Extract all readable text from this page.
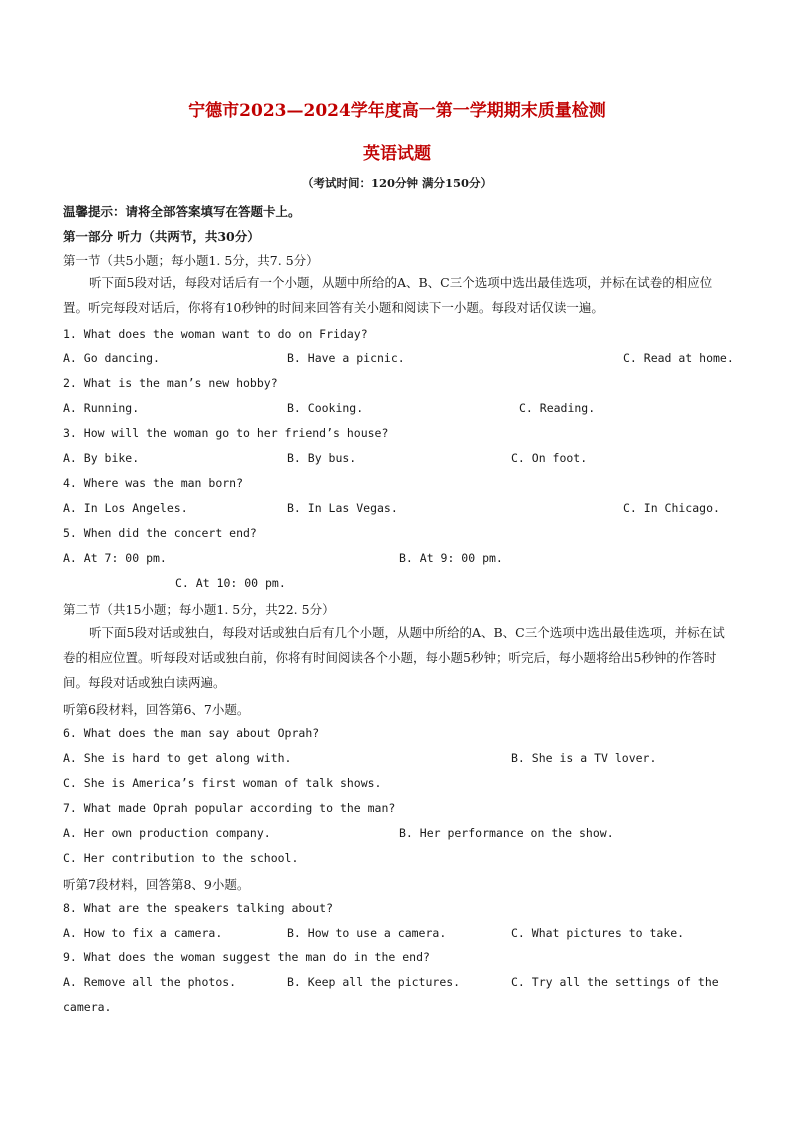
宁德市2023—2024学年度高一第一学期期末质量检测
英语试题
（考试时间：120分钟 满分150分）
温馨提示：请将全部答案填写在答题卡上。
第一部分 听力（共两节，共30分）
第一节（共5小题；每小题1. 5分，共7. 5分）
听下面5段对话，每段对话后有一个小题，从题中所给的A、B、C三个选项中选出最佳选项，并标在试卷的相应位置。听完每段对话后，你将有10秒钟的时间来回答有关小题和阅读下一小题。每段对话仅读一遍。
1. What does the woman want to do on Friday?
A. Go dancing.	B. Have a picnic.	C. Read at home.
2. What is the man’s new hobby?
A. Running.	B. Cooking.	C. Reading.
3. How will the woman go to her friend’s house?
A. By bike.	B. By bus.	C. On foot.
4. Where was the man born?
A. In Los Angeles.	B. In Las Vegas.	C. In Chicago.
5. When did the concert end?
A. At 7: 00 pm.	B. At 9: 00 pm.
C. At 10: 00 pm.
第二节（共15小题；每小题1. 5分，共22. 5分）
听下面5段对话或独白，每段对话或独白后有几个小题，从题中所给的A、B、C三个选项中选出最佳选项，并标在试卷的相应位置。听每段对话或独白前，你将有时间阅读各个小题，每小题5秒钟；听完后，每小题将给出5秒钟的作答时间。每段对话或独白读两遍。
听第6段材料，回答第6、7小题。
6. What does the man say about Oprah?
A. She is hard to get along with.	B. She is a TV lover.
C. She is America’s first woman of talk shows.
7. What made Oprah popular according to the man?
A. Her own production company.	B. Her performance on the show.
C. Her contribution to the school.
听第7段材料，回答第8、9小题。
8. What are the speakers talking about?
A. How to fix a camera.	B. How to use a camera.	C. What pictures to take.
9. What does the woman suggest the man do in the end?
A. Remove all the photos.	B. Keep all the pictures.	C. Try all the settings of the
camera.
